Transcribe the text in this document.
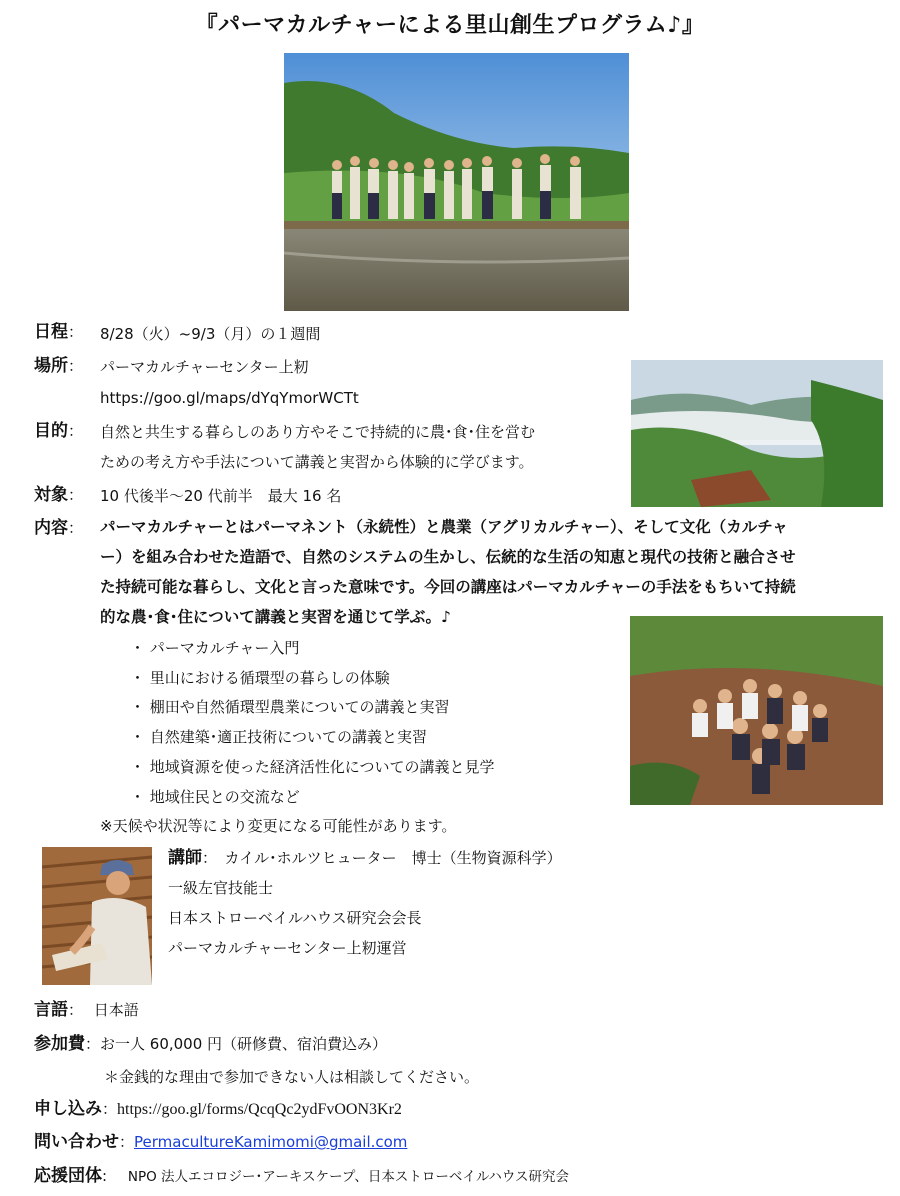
『パーマカルチャーによる里山創生プログラム♪』
日程： 8/28（火）~9/3（月）の１週間
場所： パーマカルチャーセンター上籾
https://goo.gl/maps/dYqYmorWCTt
目的： 自然と共生する暮らしのあり方やそこで持続的に農･食･住を営む
ための考え方や手法について講義と実習から体験的に学びます。
対象： 10 代後半～20 代前半　最大 16 名
内容： パーマカルチャーとはパーマネント（永続性）と農業（アグリカルチャー）、そして文化（カルチャ
ー）を組み合わせた造語で、自然のシステムの生かし、伝統的な生活の知恵と現代の技術と融合させ
た持続可能な暮らし、文化と言った意味です。今回の講座はパーマカルチャーの手法をもちいて持続
的な農･食･住について講義と実習を通じて学ぶ。♪
・ パーマカルチャー入門
・ 里山における循環型の暮らしの体験
・ 棚田や自然循環型農業についての講義と実習
・ 自然建築･適正技術についての講義と実習
・ 地域資源を使った経済活性化についての講義と見学
・ 地域住民との交流など
※天候や状況等により変更になる可能性があります。
講師：　 カイル･ホルツヒューター　博士（生物資源科学）
一級左官技能士
日本ストローベイルハウス研究会会長
パーマカルチャーセンター上籾運営
言語： 日本語
参加費：お一人 60,000 円（研修費、宿泊費込み）
＊金銭的な理由で参加できない人は相談してください。
申し込み：https://goo.gl/forms/QcqQc2ydFvOON3Kr2
問い合わせ：PermacultureKamimomi@gmail.com
応援団体: NPO 法人エコロジー･アーキスケープ、日本ストローベイルハウス研究会
